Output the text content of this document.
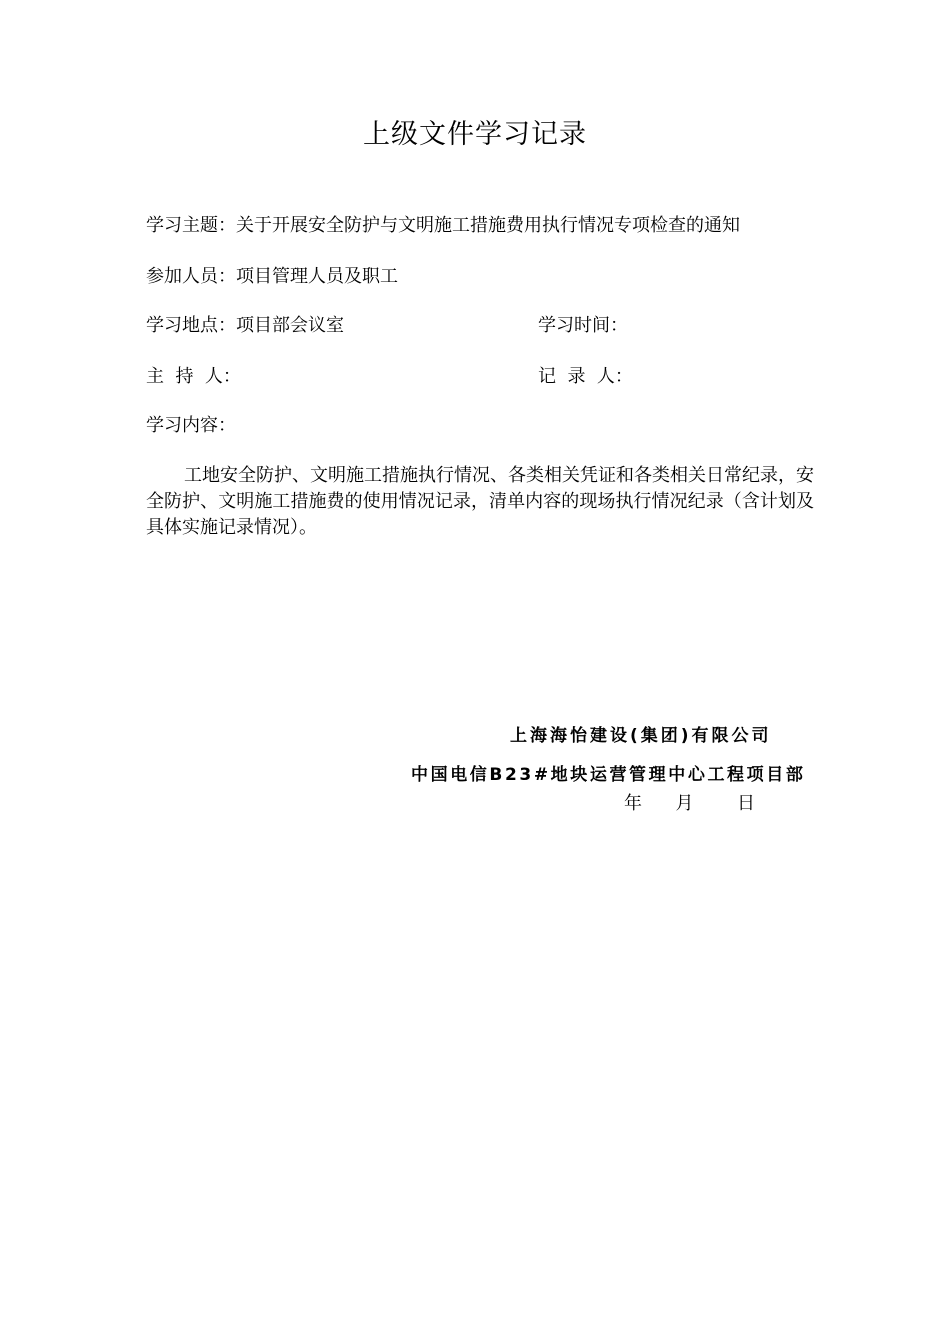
上级文件学习记录
学习主题：关于开展安全防护与文明施工措施费用执行情况专项检查的通知
参加人员：项目管理人员及职工
学习地点：项目部会议室	学习时间：
主  持  人：	记  录  人：
学习内容：
工地安全防护、文明施工措施执行情况、各类相关凭证和各类相关日常纪录，安全防护、文明施工措施费的使用情况记录，清单内容的现场执行情况纪录（含计划及具体实施记录情况）。
上海海怡建设(集团)有限公司
中国电信B23#地块运营管理中心工程项目部
年 月 日
